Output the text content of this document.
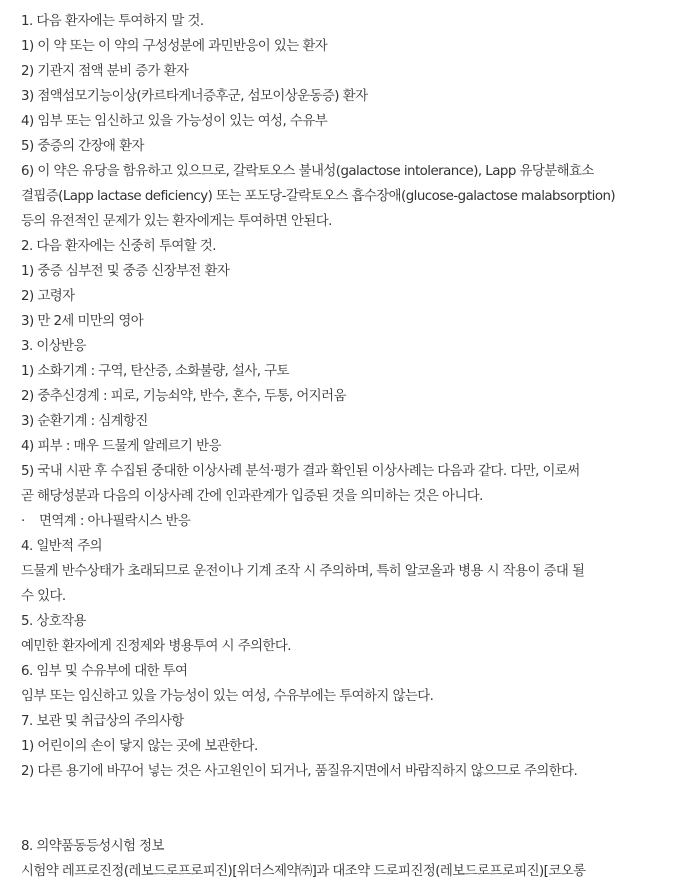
1. 다음 환자에는 투여하지 말 것.
1) 이 약 또는 이 약의 구성성분에 과민반응이 있는 환자
2) 기관지 점액 분비 증가 환자
3) 점액섬모기능이상(카르타게너증후군, 섬모이상운동증) 환자
4) 임부 또는 임신하고 있을 가능성이 있는 여성, 수유부
5) 중증의 간장애 환자
6) 이 약은 유당을 함유하고 있으므로, 갈락토오스 불내성(galactose intolerance), Lapp 유당분해효소
결핍증(Lapp lactase deficiency) 또는 포도당-갈락토오스 흡수장애(glucose-galactose malabsorption)
등의 유전적인 문제가 있는 환자에게는 투여하면 안된다.
2. 다음 환자에는 신중히 투여할 것.
1) 중증 심부전 및 중증 신장부전 환자
2) 고령자
3) 만 2세 미만의 영아
3. 이상반응
1) 소화기계 : 구역, 탄산증, 소화불량, 설사, 구토
2) 중추신경계 : 피로, 기능쇠약, 반수, 혼수, 두통, 어지러움
3) 순환기계 : 심계항진
4) 피부 : 매우 드물게 알레르기 반응
5) 국내 시판 후 수집된 중대한 이상사례 분석·평가 결과 확인된 이상사례는 다음과 같다. 다만, 이로써
곧 해당성분과 다음의 이상사례 간에 인과관계가 입증된 것을 의미하는 것은 아니다.
· 면역계 : 아나필락시스 반응
4. 일반적 주의
드물게 반수상태가 초래되므로 운전이나 기계 조작 시 주의하며, 특히 알코올과 병용 시 작용이 증대 될
수 있다.
5. 상호작용
예민한 환자에게 진정제와 병용투여 시 주의한다.
6. 임부 및 수유부에 대한 투여
임부 또는 임신하고 있을 가능성이 있는 여성, 수유부에는 투여하지 않는다.
7. 보관 및 취급상의 주의사항
1) 어린이의 손이 닿지 않는 곳에 보관한다.
2) 다른 용기에 바꾸어 넣는 것은 사고원인이 되거나, 품질유지면에서 바람직하지 않으므로 주의한다.
8. 의약품동등성시험 정보
시험약 레프로진정(레보드로프로피진)[위더스제약㈜]과 대조약 드로피진정(레보드로프로피진)[코오롱
